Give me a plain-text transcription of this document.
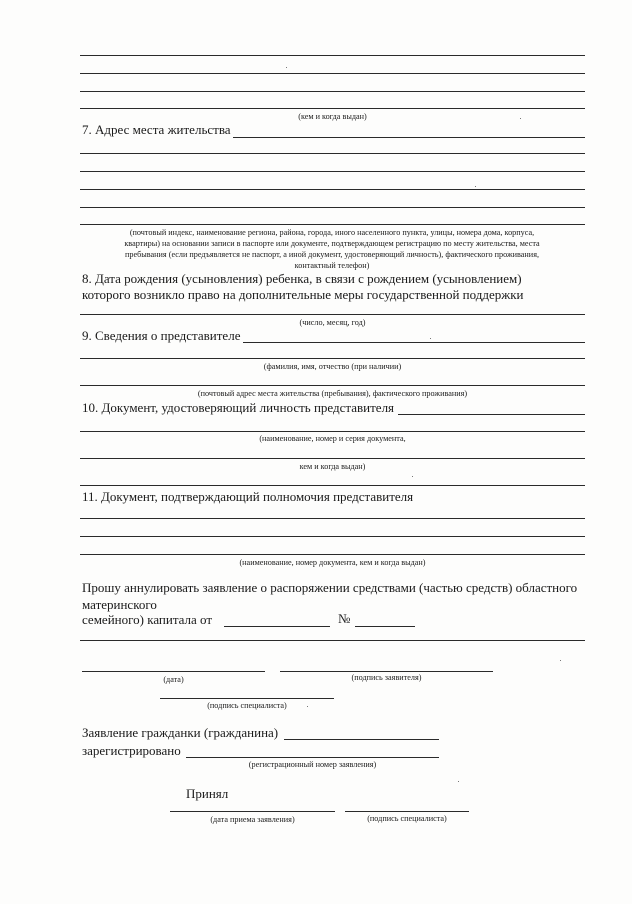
(кем и когда выдан)
7. Адрес места жительства
(почтовый индекс, наименование региона, района, города, иного населенного пункта, улицы, номера дома, корпуса,
квартиры) на основании записи в паспорте или документе, подтверждающем регистрацию по месту жительства, места
пребывания (если предъявляется не паспорт, а иной документ, удостоверяющий личность), фактического проживания,
контактный телефон)
8. Дата рождения (усыновления) ребенка, в связи с рождением (усыновлением)
которого возникло право на дополнительные меры государственной поддержки
(число, месяц, год)
9. Сведения о представителе
(фамилия, имя, отчество (при наличии)
(почтовый адрес места жительства (пребывания), фактического проживания)
10. Документ, удостоверяющий личность представителя
(наименование, номер и серия документа,
кем и когда выдан)
11. Документ, подтверждающий полномочия представителя
(наименование, номер документа, кем и когда выдан)
Прошу аннулировать заявление о распоряжении средствами (частью средств) областного
материнского
семейного) капитала от	№
(дата)	(подпись заявителя)
(подпись специалиста)
Заявление гражданки (гражданина)
зарегистрировано
(регистрационный номер заявления)
Принял
(дата приема заявления)	(подпись специалиста)
